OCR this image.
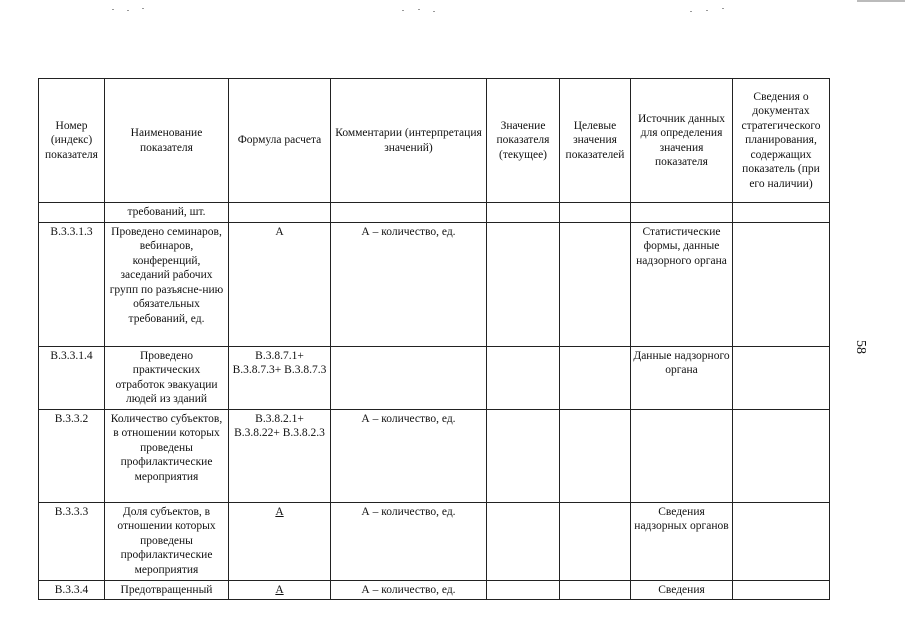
Номер (индекс) показателя	Наименование показателя	Формула расчета	Комментарии (интерпретация значений)	Значение показателя (текущее)	Целевые значения показателей	Источник данных для определения значения показателя	Сведения о документах стратегического планирования, содержащих показатель (при его наличии)
	требований, шт.						
В.3.3.1.3	Проведено семинаров, вебинаров, конференций, заседаний рабочих групп по разъясне-нию обязательных требований, ед.	А	А – количество, ед.			Статистические формы, данные надзорного органа	
В.3.3.1.4	Проведено практических отработок эвакуации людей из зданий	В.3.8.7.1+ В.3.8.7.3+ В.3.8.7.3				Данные надзорного органа	
В.3.3.2	Количество субъектов, в отношении которых проведены профилактические мероприятия	В.3.8.2.1+ В.3.8.22+ В.3.8.2.3	А – количество, ед.				
В.3.3.3	Доля субъектов, в отношении которых проведены профилактические мероприятия	А	А – количество, ед.			Сведения надзорных органов	
В.3.3.4	Предотвращенный	А	А – количество, ед.			Сведения	
58
